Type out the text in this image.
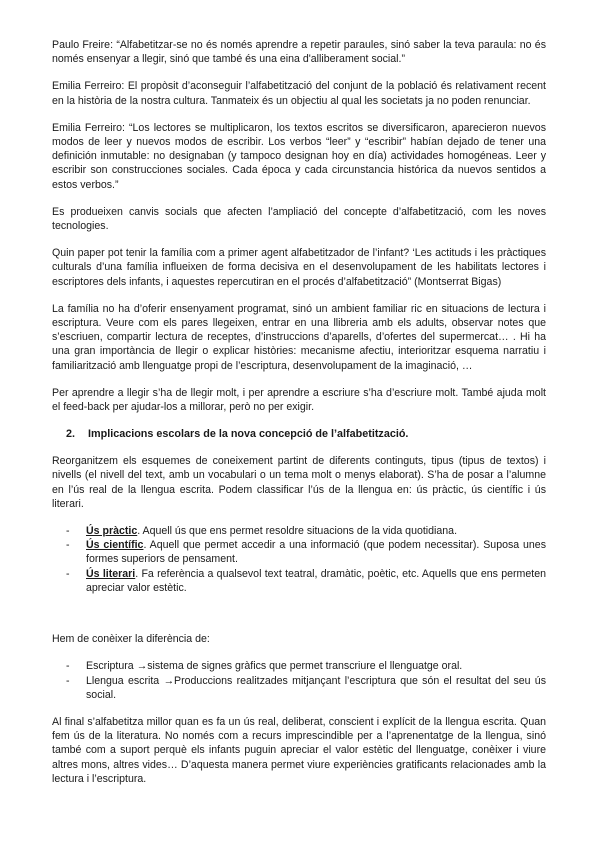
Paulo Freire: “Alfabetitzar-se no és només aprendre a repetir paraules, sinó saber la teva paraula: no és només ensenyar a llegir, sinó que també és una eina d'alliberament social.”

Emilia Ferreiro: El propòsit d’aconseguir l’alfabetització del conjunt de la població és relativament recent en la història de la nostra cultura. Tanmateix és un objectiu al qual les societats ja no poden renunciar.

Emilia Ferreiro: “Los lectores se multiplicaron, los textos escritos se diversificaron, aparecieron nuevos modos de leer y nuevos modos de escribir. Los verbos “leer” y “escribir” habían dejado de tener una definición inmutable: no designaban (y tampoco designan hoy en día) actividades homogéneas. Leer y escribir son construcciones sociales. Cada época y cada circunstancia histórica da nuevos sentidos a estos verbos.”

Es produeixen canvis socials que afecten l’ampliació del concepte d’alfabetització, com les noves tecnologies.

Quin paper pot tenir la família com a primer agent alfabetitzador de l’infant? ‘Les actituds i les pràctiques culturals d’una família influeixen de forma decisiva en el desenvolupament de les habilitats lectores i escriptores dels infants, i aquestes repercutiran en el procés d’alfabetització” (Montserrat Bigas)

La família no ha d’oferir ensenyament programat, sinó un ambient familiar ric en situacions de lectura i escriptura. Veure com els pares llegeixen, entrar en una llibreria amb els adults, observar notes que s’escriuen, compartir lectura de receptes, d’instruccions d’aparells, d’ofertes del supermercat… . Hi ha una gran importància de llegir o explicar històries: mecanisme afectiu, interioritzar esquema narratiu i familiarització amb llenguatge propi de l’escriptura, desenvolupament de la imaginació, …

Per aprendre a llegir s’ha de llegir molt, i per aprendre a escriure s’ha d’escriure molt. També ajuda molt el feed-back per ajudar-los a millorar, però no per exigir.

2. Implicacions escolars de la nova concepció de l’alfabetització.

Reorganitzem els esquemes de coneixement partint de diferents continguts, tipus (tipus de textos) i nivells (el nivell del text, amb un vocabulari o un tema molt o menys elaborat). S’ha de posar a l’alumne en l’ús real de la llengua escrita. Podem classificar l’ús de la llengua en: ús pràctic, ús científic i ús literari.

- Ús pràctic. Aquell ús que ens permet resoldre situacions de la vida quotidiana.
- Ús científic. Aquell que permet accedir a una informació (que podem necessitar). Suposa unes formes superiors de pensament.
- Ús literari. Fa referència a qualsevol text teatral, dramàtic, poètic, etc. Aquells que ens permeten apreciar valor estètic.

Hem de conèixer la diferència de:

- Escriptura →sistema de signes gràfics que permet transcriure el llenguatge oral.
- Llengua escrita →Produccions realitzades mitjançant l’escriptura que són el resultat del seu ús social.

Al final s’alfabetitza millor quan es fa un ús real, deliberat, conscient i explícit de la llengua escrita. Quan fem ús de la literatura. No només com a recurs imprescindible per a l’aprenentatge de la llengua, sinó també com a suport perquè els infants puguin apreciar el valor estètic del llenguatge, conèixer i viure altres mons, altres vides… D’aquesta manera permet viure experiències gratificants relacionades amb la lectura i l’escriptura.
